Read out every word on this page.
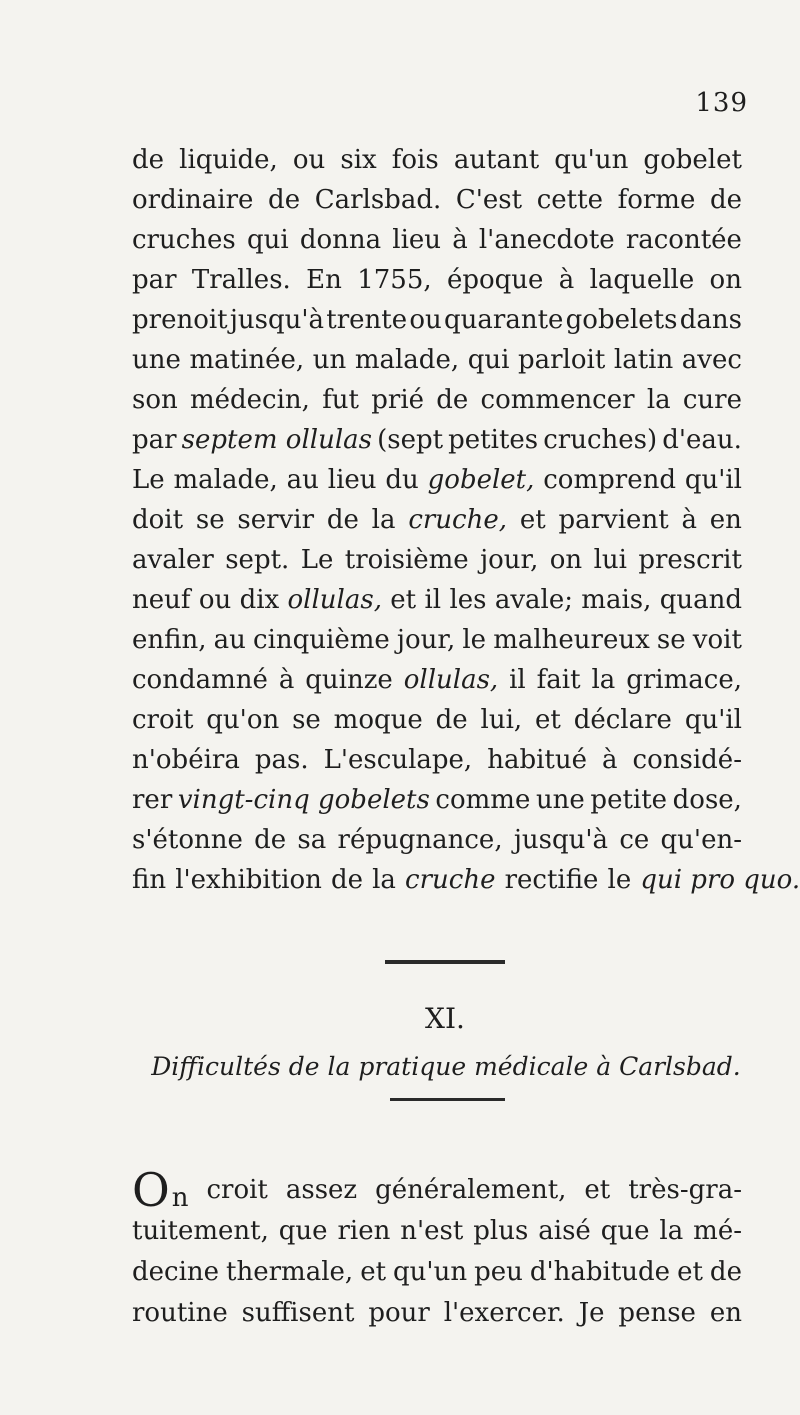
139
de liquide, ou six fois autant qu'un gobelet
ordinaire de Carlsbad. C'est cette forme de
cruches qui donna lieu à l'anecdote racontée
par Tralles. En 1755, époque à laquelle on
prenoit jusqu'à trente ou quarante gobelets dans
une matinée, un malade, qui parloit latin avec
son médecin, fut prié de commencer la cure
par septem ollulas (sept petites cruches) d'eau.
Le malade, au lieu du gobelet, comprend qu'il
doit se servir de la cruche, et parvient à en
avaler sept. Le troisième jour, on lui prescrit
neuf ou dix ollulas, et il les avale; mais, quand
enfin, au cinquième jour, le malheureux se voit
condamné à quinze ollulas, il fait la grimace,
croit qu'on se moque de lui, et déclare qu'il
n'obéira pas. L'esculape, habitué à considé-
rer vingt-cinq gobelets comme une petite dose,
s'étonne de sa répugnance, jusqu'à ce qu'en-
fin l'exhibition de la cruche rectifie le qui pro quo.
XI.
Difficultés de la pratique médicale à Carlsbad.
On croit assez généralement, et très-gra-
tuitement, que rien n'est plus aisé que la mé-
decine thermale, et qu'un peu d'habitude et de
routine suffisent pour l'exercer. Je pense en
